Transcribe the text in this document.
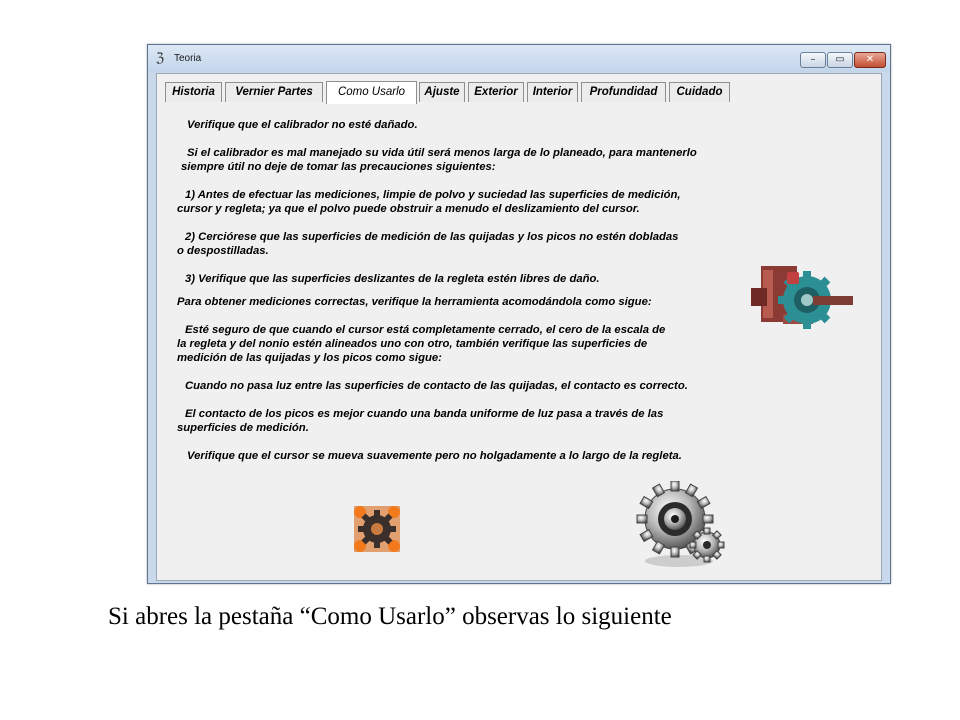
ℨ Teoria	–	▭	✕
Historia	Vernier Partes	Como Usarlo	Ajuste	Exterior	Interior	Profundidad	Cuidado

Verifique que el calibrador no esté dañado.

Si el calibrador es mal manejado su vida útil será menos larga de lo planeado, para mantenerlo

siempre útil no deje de tomar las precauciones siguientes:

1) Antes de efectuar las mediciones, limpie de polvo y suciedad las superficies de medición,

cursor y regleta; ya que el polvo puede obstruir a menudo el deslizamiento del cursor.

2) Cerciórese que las superficies de medición de las quijadas y los picos no estén dobladas

o despostilladas.

3) Verifique que las superficies deslizantes de la regleta estén libres de daño.

Para obtener mediciones correctas, verifique la herramienta acomodándola como sigue:

Esté seguro de que cuando el cursor está completamente cerrado, el cero de la escala de

la regleta y del nonio estén alineados uno con otro, también verifique las superficies de

medición de las quijadas y los picos como sigue:

Cuando no pasa luz entre las superficies de contacto de las quijadas, el contacto es correcto.

El contacto de los picos es mejor cuando una banda uniforme de luz pasa a través de las

superficies de medición.

Verifique que el cursor se mueva suavemente pero no holgadamente a lo largo de la regleta.

Si abres la pestaña “Como Usarlo” observas lo siguiente
